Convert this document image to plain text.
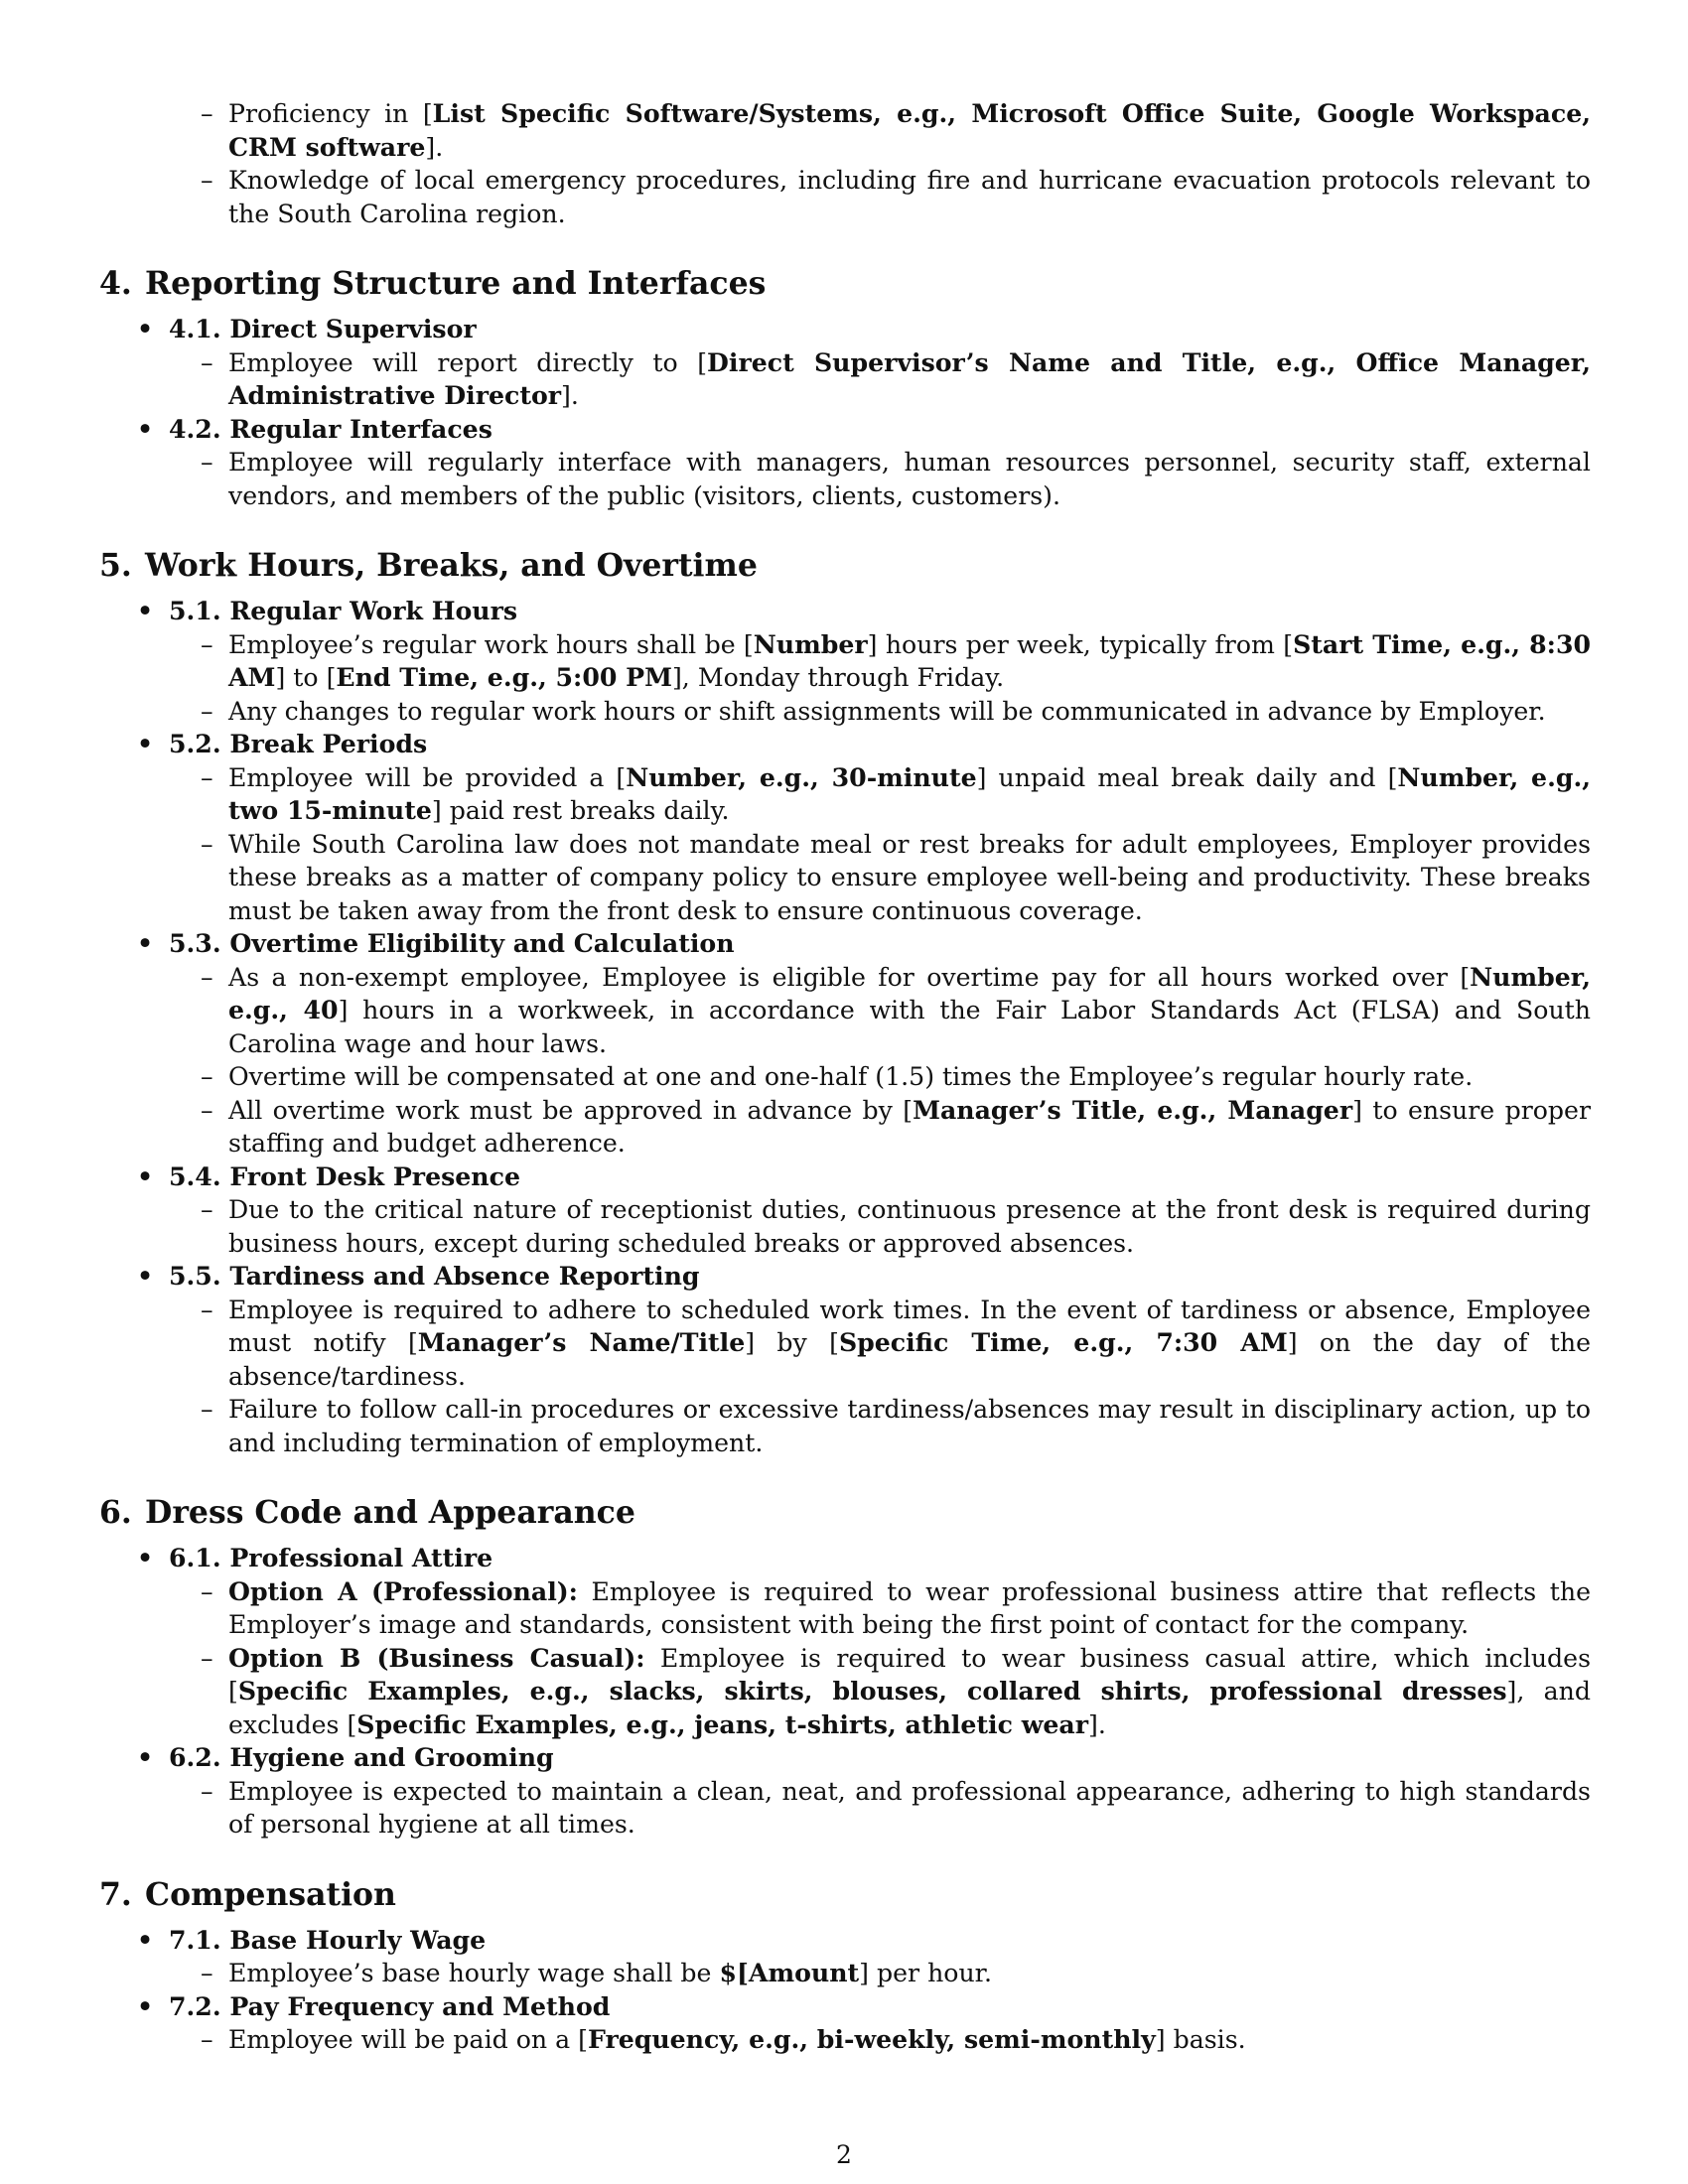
– Proficiency in [List Specific Software/Systems, e.g., Microsoft Office Suite, Google Workspace, CRM software].
– Knowledge of local emergency procedures, including fire and hurricane evacuation protocols relevant to the South Carolina region.
4. Reporting Structure and Interfaces
• 4.1. Direct Supervisor
– Employee will report directly to [Direct Supervisor’s Name and Title, e.g., Office Manager, Administrative Director].
• 4.2. Regular Interfaces
– Employee will regularly interface with managers, human resources personnel, security staff, external vendors, and members of the public (visitors, clients, customers).
5. Work Hours, Breaks, and Overtime
• 5.1. Regular Work Hours
– Employee’s regular work hours shall be [Number] hours per week, typically from [Start Time, e.g., 8:30 AM] to [End Time, e.g., 5:00 PM], Monday through Friday.
– Any changes to regular work hours or shift assignments will be communicated in advance by Employer.
• 5.2. Break Periods
– Employee will be provided a [Number, e.g., 30-minute] unpaid meal break daily and [Number, e.g., two 15-minute] paid rest breaks daily.
– While South Carolina law does not mandate meal or rest breaks for adult employees, Employer provides these breaks as a matter of company policy to ensure employee well-being and productivity. These breaks must be taken away from the front desk to ensure continuous coverage.
• 5.3. Overtime Eligibility and Calculation
– As a non-exempt employee, Employee is eligible for overtime pay for all hours worked over [Number, e.g., 40] hours in a workweek, in accordance with the Fair Labor Standards Act (FLSA) and South Carolina wage and hour laws.
– Overtime will be compensated at one and one-half (1.5) times the Employee’s regular hourly rate.
– All overtime work must be approved in advance by [Manager’s Title, e.g., Manager] to ensure proper staffing and budget adherence.
• 5.4. Front Desk Presence
– Due to the critical nature of receptionist duties, continuous presence at the front desk is required during business hours, except during scheduled breaks or approved absences.
• 5.5. Tardiness and Absence Reporting
– Employee is required to adhere to scheduled work times. In the event of tardiness or absence, Employee must notify [Manager’s Name/Title] by [Specific Time, e.g., 7:30 AM] on the day of the absence/tardiness.
– Failure to follow call-in procedures or excessive tardiness/absences may result in disciplinary action, up to and including termination of employment.
6. Dress Code and Appearance
• 6.1. Professional Attire
– Option A (Professional): Employee is required to wear professional business attire that reflects the Employer’s image and standards, consistent with being the first point of contact for the company.
– Option B (Business Casual): Employee is required to wear business casual attire, which includes [Specific Examples, e.g., slacks, skirts, blouses, collared shirts, professional dresses], and excludes [Specific Examples, e.g., jeans, t-shirts, athletic wear].
• 6.2. Hygiene and Grooming
– Employee is expected to maintain a clean, neat, and professional appearance, adhering to high standards of personal hygiene at all times.
7. Compensation
• 7.1. Base Hourly Wage
– Employee’s base hourly wage shall be $[Amount] per hour.
• 7.2. Pay Frequency and Method
– Employee will be paid on a [Frequency, e.g., bi-weekly, semi-monthly] basis.
2
